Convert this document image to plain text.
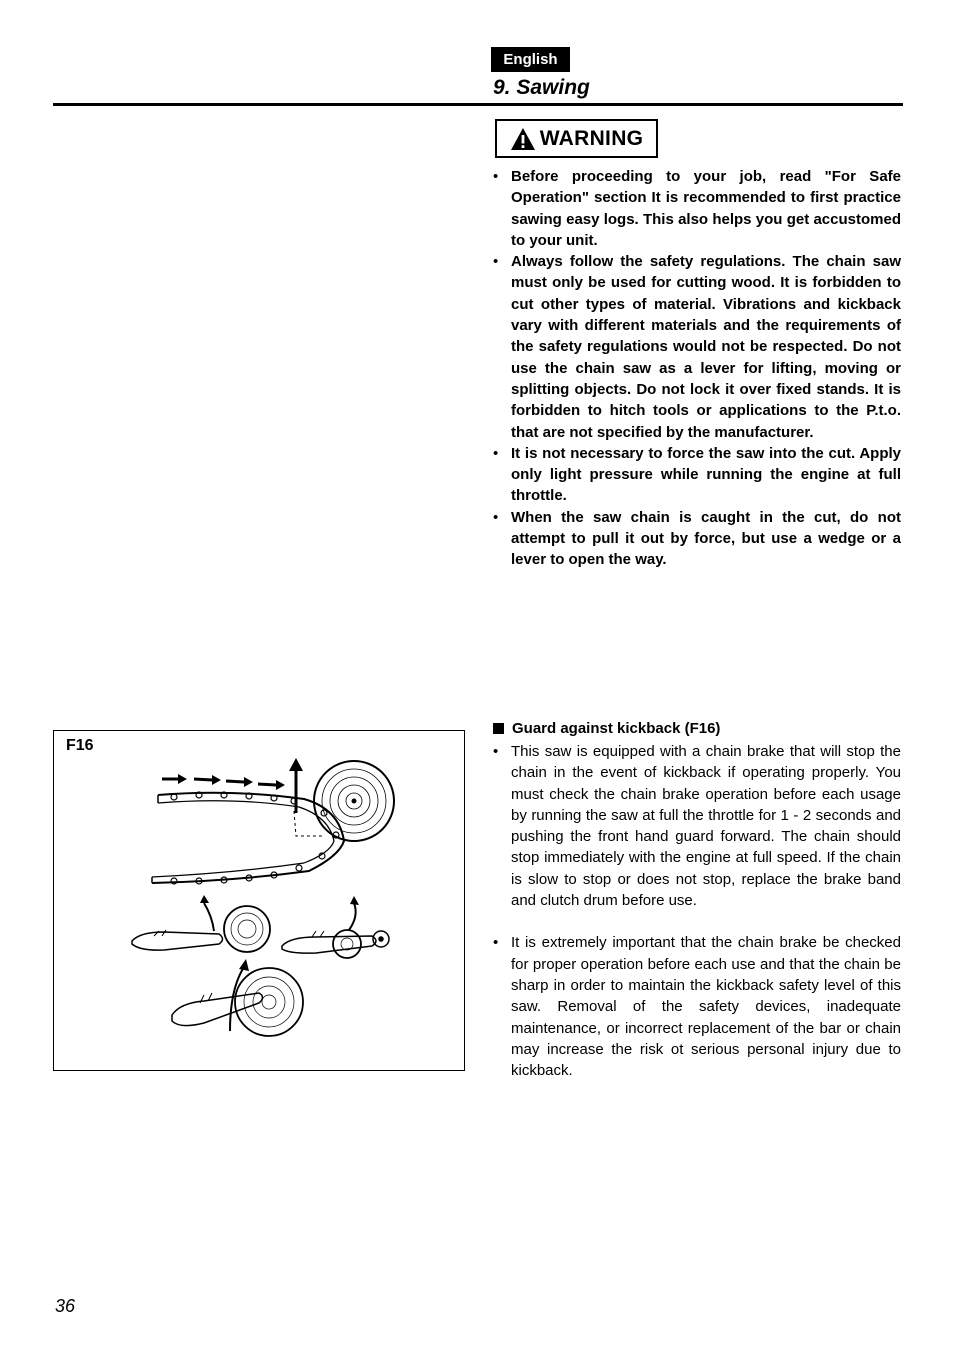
English
9. Sawing
WARNING
• Before proceeding to your job, read "For Safe Operation" section It is recommended to first practice sawing easy logs. This also helps you get accustomed to your unit.
• Always follow the safety regulations. The chain saw must only be used for cutting wood. It is forbidden to cut other types of material. Vibrations and kickback vary with different materials and the requirements of the safety regulations would not be respected. Do not use the chain saw as a lever for lifting, moving or splitting objects. Do not lock it over fixed stands. It is forbidden to hitch tools or applications to the P.t.o. that are not specified by the manufacturer.
• It is not necessary to force the saw into the cut. Apply only light pressure while running the engine at full throttle.
• When the saw chain is caught in the cut, do not attempt to pull it out by force, but use a wedge or a lever to open the way.
Guard against kickback (F16)
• This saw is equipped with a chain brake that will stop the chain in the event of kickback if operating properly. You must check the chain brake operation before each usage by running the saw at full the throttle for 1 - 2 seconds and pushing the front hand guard forward. The chain should stop immediately with the engine at full speed. If the chain is slow to stop or does not stop, replace the brake band and clutch drum before use.
• It is extremely important that the chain brake be checked for proper operation before each use and that the chain be sharp in order to maintain the kickback safety level of this saw. Removal of the safety devices, inadequate maintenance, or incorrect replacement of the bar or chain may increase the risk ot serious personal injury due to kickback.
F16
36
